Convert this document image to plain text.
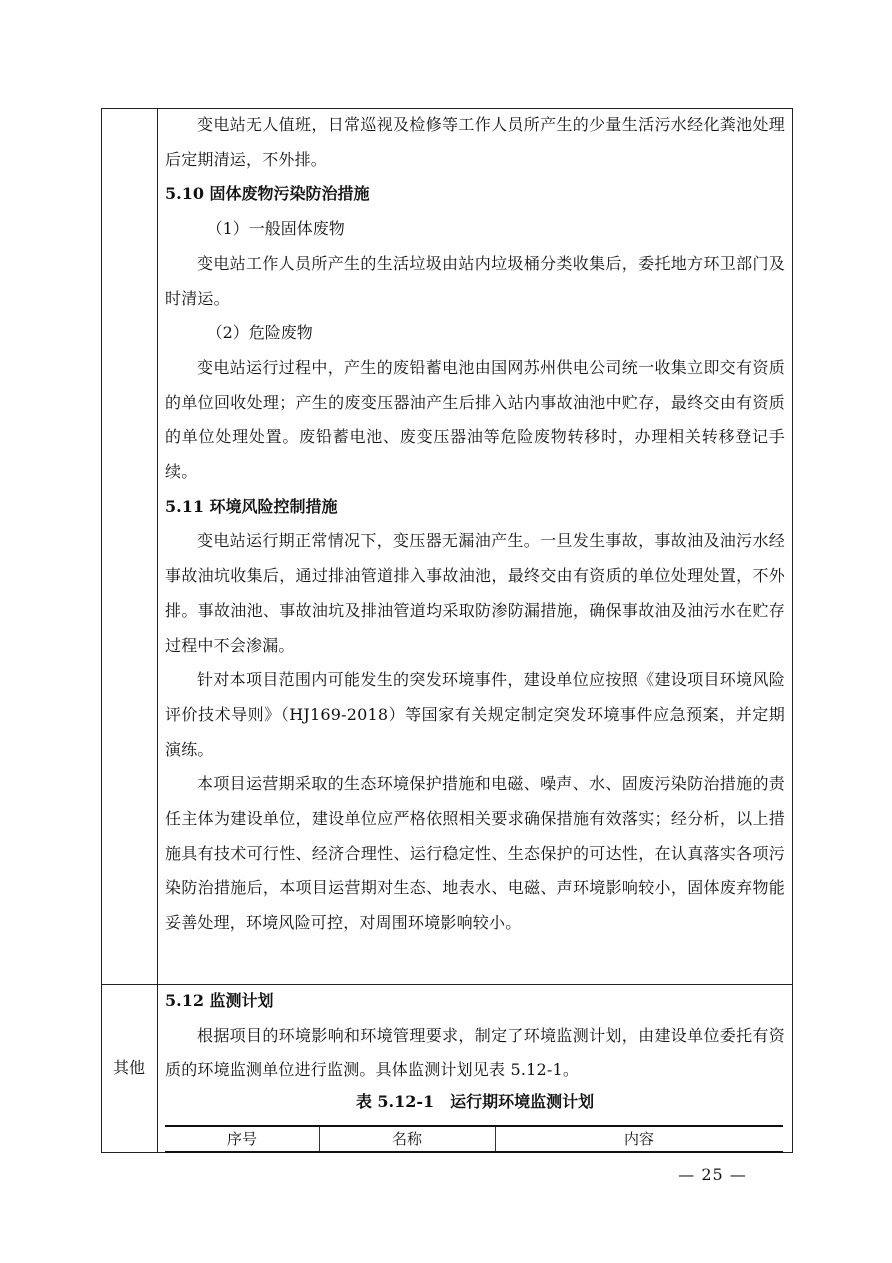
变电站无人值班，日常巡视及检修等工作人员所产生的少量生活污水经化粪池处理后定期清运，不外排。

5.10 固体废物污染防治措施

（1）一般固体废物

变电站工作人员所产生的生活垃圾由站内垃圾桶分类收集后，委托地方环卫部门及时清运。

（2）危险废物

变电站运行过程中，产生的废铅蓄电池由国网苏州供电公司统一收集立即交有资质的单位回收处理；产生的废变压器油产生后排入站内事故油池中贮存，最终交由有资质的单位处理处置。废铅蓄电池、废变压器油等危险废物转移时，办理相关转移登记手续。

5.11 环境风险控制措施

变电站运行期正常情况下，变压器无漏油产生。一旦发生事故，事故油及油污水经事故油坑收集后，通过排油管道排入事故油池，最终交由有资质的单位处理处置，不外排。事故油池、事故油坑及排油管道均采取防渗防漏措施，确保事故油及油污水在贮存过程中不会渗漏。

针对本项目范围内可能发生的突发环境事件，建设单位应按照《建设项目环境风险评价技术导则》（HJ169-2018）等国家有关规定制定突发环境事件应急预案，并定期演练。

本项目运营期采取的生态环境保护措施和电磁、噪声、水、固废污染防治措施的责任主体为建设单位，建设单位应严格依照相关要求确保措施有效落实；经分析，以上措施具有技术可行性、经济合理性、运行稳定性、生态保护的可达性，在认真落实各项污染防治措施后，本项目运营期对生态、地表水、电磁、声环境影响较小，固体废弃物能妥善处理，环境风险可控，对周围环境影响较小。

其他

5.12 监测计划

根据项目的环境影响和环境管理要求，制定了环境监测计划，由建设单位委托有资质的环境监测单位进行监测。具体监测计划见表 5.12-1。

表 5.12-1　运行期环境监测计划
序号	名称	内容
— 25 —
